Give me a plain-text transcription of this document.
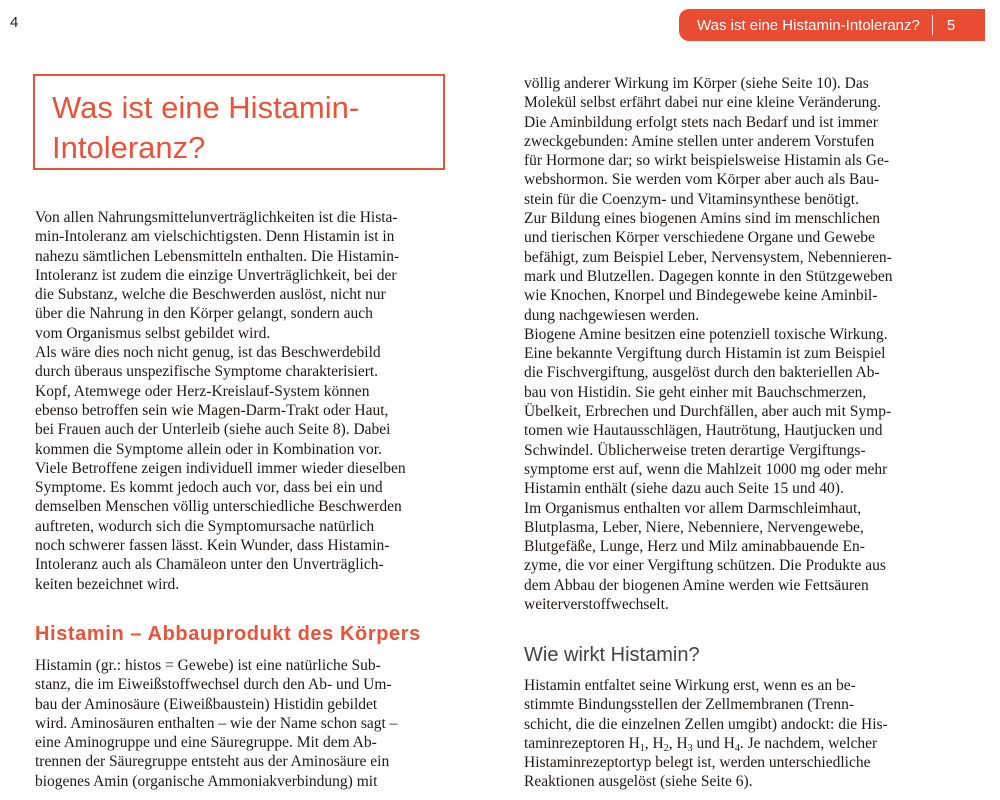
4	Was ist eine Histamin-Intoleranz? 5
Was ist eine Histamin-
Intoleranz?
Von allen Nahrungsmittelunverträglichkeiten ist die Hista-
min-Intoleranz am vielschichtigsten. Denn Histamin ist in
nahezu sämtlichen Lebensmitteln enthalten. Die Histamin-
Intoleranz ist zudem die einzige Unverträglichkeit, bei der
die Substanz, welche die Beschwerden auslöst, nicht nur
über die Nahrung in den Körper gelangt, sondern auch
vom Organismus selbst gebildet wird.
Als wäre dies noch nicht genug, ist das Beschwerdebild
durch überaus unspezifische Symptome charakterisiert.
Kopf, Atemwege oder Herz-Kreislauf-System können
ebenso betroffen sein wie Magen-Darm-Trakt oder Haut,
bei Frauen auch der Unterleib (siehe auch Seite 8). Dabei
kommen die Symptome allein oder in Kombination vor.
Viele Betroffene zeigen individuell immer wieder dieselben
Symptome. Es kommt jedoch auch vor, dass bei ein und
demselben Menschen völlig unterschiedliche Beschwerden
auftreten, wodurch sich die Symptomursache natürlich
noch schwerer fassen lässt. Kein Wunder, dass Histamin-
Intoleranz auch als Chamäleon unter den Unverträglich-
keiten bezeichnet wird.
Histamin – Abbauprodukt des Körpers
Histamin (gr.: histos = Gewebe) ist eine natürliche Sub-
stanz, die im Eiweißstoffwechsel durch den Ab- und Um-
bau der Aminosäure (Eiweißbaustein) Histidin gebildet
wird. Aminosäuren enthalten – wie der Name schon sagt –
eine Aminogruppe und eine Säuregruppe. Mit dem Ab-
trennen der Säuregruppe entsteht aus der Aminosäure ein
biogenes Amin (organische Ammoniakverbindung) mit
völlig anderer Wirkung im Körper (siehe Seite 10). Das
Molekül selbst erfährt dabei nur eine kleine Veränderung.
Die Aminbildung erfolgt stets nach Bedarf und ist immer
zweckgebunden: Amine stellen unter anderem Vorstufen
für Hormone dar; so wirkt beispielsweise Histamin als Ge-
webshormon. Sie werden vom Körper aber auch als Bau-
stein für die Coenzym- und Vitaminsynthese benötigt.
Zur Bildung eines biogenen Amins sind im menschlichen
und tierischen Körper verschiedene Organe und Gewebe
befähigt, zum Beispiel Leber, Nervensystem, Nebennieren-
mark und Blutzellen. Dagegen konnte in den Stützgeweben
wie Knochen, Knorpel und Bindegewebe keine Aminbil-
dung nachgewiesen werden.
Biogene Amine besitzen eine potenziell toxische Wirkung.
Eine bekannte Vergiftung durch Histamin ist zum Beispiel
die Fischvergiftung, ausgelöst durch den bakteriellen Ab-
bau von Histidin. Sie geht einher mit Bauchschmerzen,
Übelkeit, Erbrechen und Durchfällen, aber auch mit Symp-
tomen wie Hautausschlägen, Hautrötung, Hautjucken und
Schwindel. Üblicherweise treten derartige Vergiftungs-
symptome erst auf, wenn die Mahlzeit 1000 mg oder mehr
Histamin enthält (siehe dazu auch Seite 15 und 40).
Im Organismus enthalten vor allem Darmschleimhaut,
Blutplasma, Leber, Niere, Nebenniere, Nervengewebe,
Blutgefäße, Lunge, Herz und Milz aminabbauende En-
zyme, die vor einer Vergiftung schützen. Die Produkte aus
dem Abbau der biogenen Amine werden wie Fettsäuren
weiterverstoffwechselt.
Wie wirkt Histamin?
Histamin entfaltet seine Wirkung erst, wenn es an be-
stimmte Bindungsstellen der Zellmembranen (Trenn-
schicht, die die einzelnen Zellen umgibt) andockt: die His-
taminrezeptoren $H_1$, $H_2$, $H_3$ und $H_4$. Je nachdem, welcher
Histaminrezeptortyp belegt ist, werden unterschiedliche
Reaktionen ausgelöst (siehe Seite 6).
